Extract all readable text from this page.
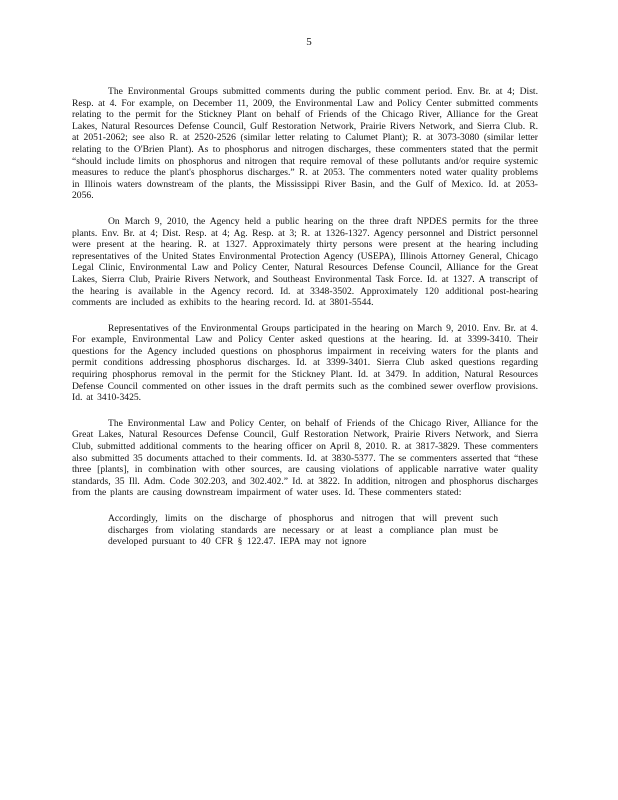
5

The Environmental Groups submitted comments during the public comment period. Env. Br. at 4; Dist. Resp. at 4. For example, on December 11, 2009, the Environmental Law and Policy Center submitted comments relating to the permit for the Stickney Plant on behalf of Friends of the Chicago River, Alliance for the Great Lakes, Natural Resources Defense Council, Gulf Restoration Network, Prairie Rivers Network, and Sierra Club. R. at 2051-2062; see also R. at 2520-2526 (similar letter relating to Calumet Plant); R. at 3073-3080 (similar letter relating to the O'Brien Plant). As to phosphorus and nitrogen discharges, these commenters stated that the permit “should include limits on phosphorus and nitrogen that require removal of these pollutants and/or require systemic measures to reduce the plant's phosphorus discharges.” R. at 2053. The commenters noted water quality problems in Illinois waters downstream of the plants, the Mississippi River Basin, and the Gulf of Mexico. Id. at 2053-2056.

On March 9, 2010, the Agency held a public hearing on the three draft NPDES permits for the three plants. Env. Br. at 4; Dist. Resp. at 4; Ag. Resp. at 3; R. at 1326-1327. Agency personnel and District personnel were present at the hearing. R. at 1327. Approximately thirty persons were present at the hearing including representatives of the United States Environmental Protection Agency (USEPA), Illinois Attorney General, Chicago Legal Clinic, Environmental Law and Policy Center, Natural Resources Defense Council, Alliance for the Great Lakes, Sierra Club, Prairie Rivers Network, and Southeast Environmental Task Force. Id. at 1327. A transcript of the hearing is available in the Agency record. Id. at 3348-3502. Approximately 120 additional post-hearing comments are included as exhibits to the hearing record. Id. at 3801-5544.

Representatives of the Environmental Groups participated in the hearing on March 9, 2010. Env. Br. at 4. For example, Environmental Law and Policy Center asked questions at the hearing. Id. at 3399-3410. Their questions for the Agency included questions on phosphorus impairment in receiving waters for the plants and permit conditions addressing phosphorus discharges. Id. at 3399-3401. Sierra Club asked questions regarding requiring phosphorus removal in the permit for the Stickney Plant. Id. at 3479. In addition, Natural Resources Defense Council commented on other issues in the draft permits such as the combined sewer overflow provisions. Id. at 3410-3425.

The Environmental Law and Policy Center, on behalf of Friends of the Chicago River, Alliance for the Great Lakes, Natural Resources Defense Council, Gulf Restoration Network, Prairie Rivers Network, and Sierra Club, submitted additional comments to the hearing officer on April 8, 2010. R. at 3817-3829. These commenters also submitted 35 documents attached to their comments. Id. at 3830-5377. The se commenters asserted that “these three [plants], in combination with other sources, are causing violations of applicable narrative water quality standards, 35 Ill. Adm. Code 302.203, and 302.402.” Id. at 3822. In addition, nitrogen and phosphorus discharges from the plants are causing downstream impairment of water uses. Id. These commenters stated:

Accordingly, limits on the discharge of phosphorus and nitrogen that will prevent such discharges from violating standards are necessary or at least a compliance plan must be developed pursuant to 40 CFR § 122.47. IEPA may not ignore
